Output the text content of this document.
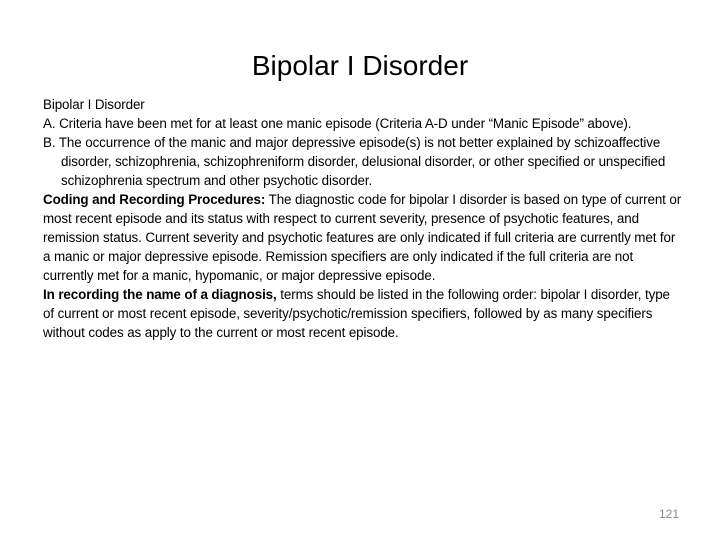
Bipolar I Disorder

Bipolar I Disorder

A. Criteria have been met for at least one manic episode (Criteria A-D under “Manic Episode” above).

B. The occurrence of the manic and major depressive episode(s) is not better explained by schizoaffective disorder, schizophrenia, schizophreniform disorder, delusional disorder, or other specified or unspecified schizophrenia spectrum and other psychotic disorder.

Coding and Recording Procedures: The diagnostic code for bipolar I disorder is based on type of current or most recent episode and its status with respect to current severity, presence of psychotic features, and remission status. Current severity and psychotic features are only indicated if full criteria are currently met for a manic or major depressive episode. Remission specifiers are only indicated if the full criteria are not currently met for a manic, hypomanic, or major depressive episode.

In recording the name of a diagnosis, terms should be listed in the following order: bipolar I disorder, type of current or most recent episode, severity/psychotic/remission specifiers, followed by as many specifiers without codes as apply to the current or most recent episode.

121
